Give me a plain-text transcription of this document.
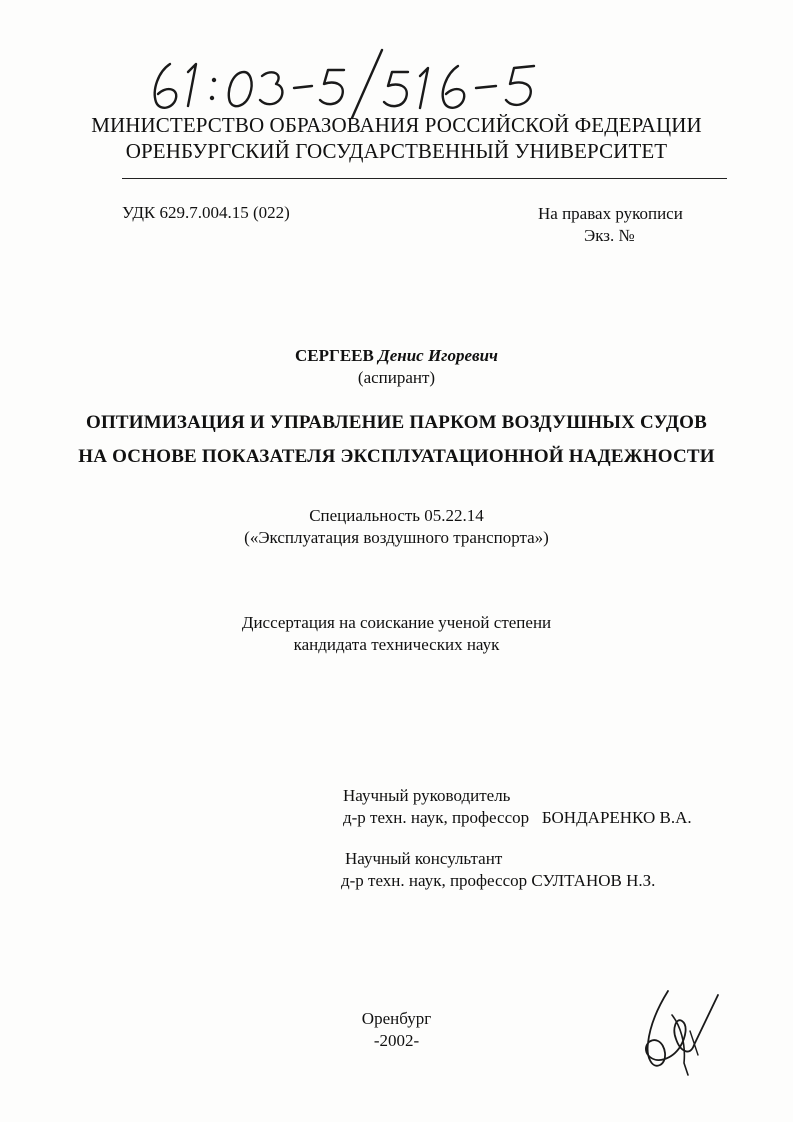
МИНИСТЕРСТВО ОБРАЗОВАНИЯ РОССИЙСКОЙ ФЕДЕРАЦИИ
ОРЕНБУРГСКИЙ ГОСУДАРСТВЕННЫЙ УНИВЕРСИТЕТ
УДК 629.7.004.15 (022)	На правах рукописи
Экз. №
СЕРГЕЕВ Денис Игоревич
(аспирант)
ОПТИМИЗАЦИЯ И УПРАВЛЕНИЕ ПАРКОМ ВОЗДУШНЫХ СУДОВ
НА ОСНОВЕ ПОКАЗАТЕЛЯ ЭКСПЛУАТАЦИОННОЙ НАДЕЖНОСТИ
Специальность 05.22.14
(«Эксплуатация воздушного транспорта»)
Диссертация на соискание ученой степени
кандидата технических наук
Научный руководитель
д-р техн. наук, профессор   БОНДАРЕНКО В.А.
Научный консультант
д-р техн. наук, профессор СУЛТАНОВ Н.З.
Оренбург
-2002-
